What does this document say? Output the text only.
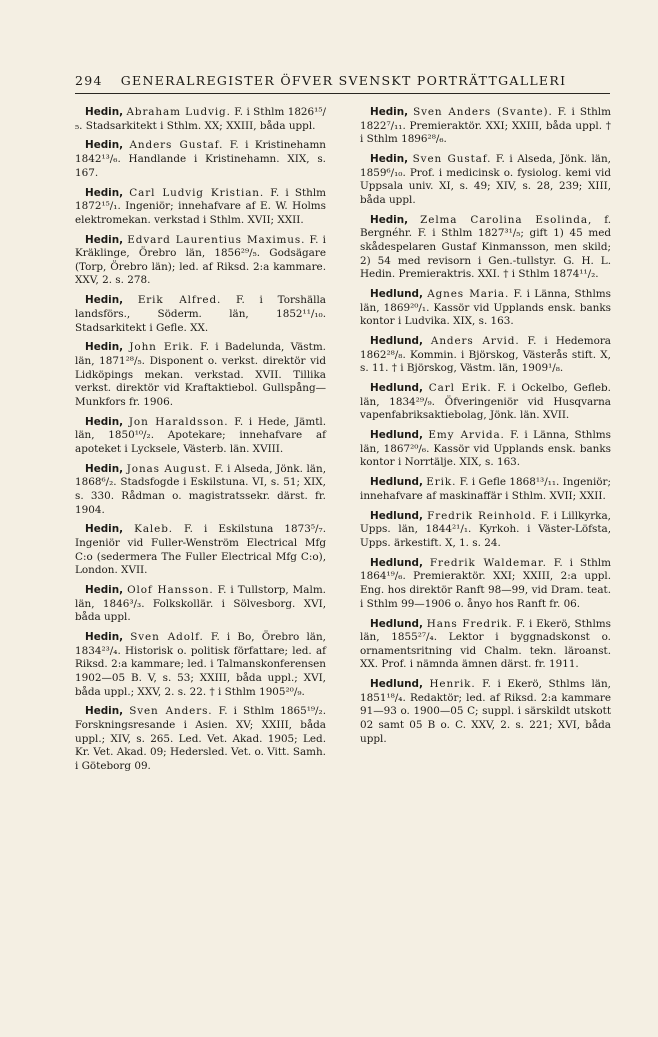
294 GENERALREGISTER ÖFVER SVENSKT PORTRÄTTGALLERI

Hedin, Abraham Ludvig. F. i Sthlm 1826¹⁵/₅. Stadsarkitekt i Sthlm. XX; XXIII, båda uppl.

Hedin, Anders Gustaf. F. i Kristinehamn 1842¹³/₆. Handlande i Kristinehamn. XIX, s. 167.

Hedin, Carl Ludvig Kristian. F. i Sthlm 1872¹⁵/₁. Ingeniör; innehafvare af E. W. Holms elektromekan. verkstad i Sthlm. XVII; XXII.

Hedin, Edvard Laurentius Maximus. F. i Kräklinge, Örebro län, 1856²⁹/₅. Godsägare (Torp, Örebro län); led. af Riksd. 2:a kammare. XXV, 2. s. 278.

Hedin, Erik Alfred. F. i Torshälla landsförs., Söderm. län, 1852¹¹/₁₀. Stadsarkitekt i Gefle. XX.

Hedin, John Erik. F. i Badelunda, Västm. län, 1871²⁸/₅. Disponent o. verkst. direktör vid Lidköpings mekan. verkstad. XVII. Tillika verkst. direktör vid Kraftaktiebol. Gullspång—Munkfors fr. 1906.

Hedin, Jon Haraldsson. F. i Hede, Jämtl. län, 1850¹⁰/₂. Apotekare; innehafvare af apoteket i Lycksele, Västerb. län. XVIII.

Hedin, Jonas August. F. i Alseda, Jönk. län, 1868⁶/₂. Stadsfogde i Eskilstuna. VI, s. 51; XIX, s. 330. Rådman o. magistratssekr. därst. fr. 1904.

Hedin, Kaleb. F. i Eskilstuna 1873⁵/₇. Ingeniör vid Fuller-Wenström Electrical Mfg C:o (sedermera The Fuller Electrical Mfg C:o), London. XVII.

Hedin, Olof Hansson. F. i Tullstorp, Malm. län, 1846³/₃. Folkskollär. i Sölvesborg. XVI, båda uppl.

Hedin, Sven Adolf. F. i Bo, Örebro län, 1834²³/₄. Historisk o. politisk författare; led. af Riksd. 2:a kammare; led. i Talmanskonferensen 1902—05 B. V, s. 53; XXIII, båda uppl.; XVI, båda uppl.; XXV, 2. s. 22. † i Sthlm 1905²⁰/₉.

Hedin, Sven Anders. F. i Sthlm 1865¹⁹/₂. Forskningsresande i Asien. XV; XXIII, båda uppl.; XIV, s. 265. Led. Vet. Akad. 1905; Led. Kr. Vet. Akad. 09; Hedersled. Vet. o. Vitt. Samh. i Göteborg 09.

Hedin, Sven Anders (Svante). F. i Sthlm 1822⁷/₁₁. Premieraktör. XXI; XXIII, båda uppl. † i Sthlm 1896²⁸/₆.

Hedin, Sven Gustaf. F. i Alseda, Jönk. län, 1859⁶/₁₀. Prof. i medicinsk o. fysiolog. kemi vid Uppsala univ. XI, s. 49; XIV, s. 28, 239; XIII, båda uppl.

Hedin, Zelma Carolina Esolinda, f. Bergnéhr. F. i Sthlm 1827³¹/₅; gift 1) 45 med skådespelaren Gustaf Kinmansson, men skild; 2) 54 med revisorn i Gen.-tullstyr. G. H. L. Hedin. Premieraktris. XXI. † i Sthlm 1874¹¹/₂.

Hedlund, Agnes Maria. F. i Länna, Sthlms län, 1869²⁰/₁. Kassör vid Upplands ensk. banks kontor i Ludvika. XIX, s. 163.

Hedlund, Anders Arvid. F. i Hedemora 1862²⁸/₈. Kommin. i Björskog, Västerås stift. X, s. 11. † i Björskog, Västm. län, 1909¹/₈.

Hedlund, Carl Erik. F. i Ockelbo, Gefleb. län, 1834²⁹/₉. Öfveringeniör vid Husqvarna vapenfabriksaktiebolag, Jönk. län. XVII.

Hedlund, Emy Arvida. F. i Länna, Sthlms län, 1867²⁰/₆. Kassör vid Upplands ensk. banks kontor i Norrtälje. XIX, s. 163.

Hedlund, Erik. F. i Gefle 1868¹³/₁₁. Ingeniör; innehafvare af maskinaffär i Sthlm. XVII; XXII.

Hedlund, Fredrik Reinhold. F. i Lillkyrka, Upps. län, 1844²¹/₁. Kyrkoh. i Väster-Löfsta, Upps. ärkestift. X, 1. s. 24.

Hedlund, Fredrik Waldemar. F. i Sthlm 1864¹⁹/₆. Premieraktör. XXI; XXIII, 2:a uppl. Eng. hos direktör Ranft 98—99, vid Dram. teat. i Sthlm 99—1906 o. ånyo hos Ranft fr. 06.

Hedlund, Hans Fredrik. F. i Ekerö, Sthlms län, 1855²⁷/₄. Lektor i byggnadskonst o. ornamentsritning vid Chalm. tekn. läroanst. XX. Prof. i nämnda ämnen därst. fr. 1911.

Hedlund, Henrik. F. i Ekerö, Sthlms län, 1851¹⁸/₄. Redaktör; led. af Riksd. 2:a kammare 91—93 o. 1900—05 C; suppl. i särskildt utskott 02 samt 05 B o. C. XXV, 2. s. 221; XVI, båda uppl.
